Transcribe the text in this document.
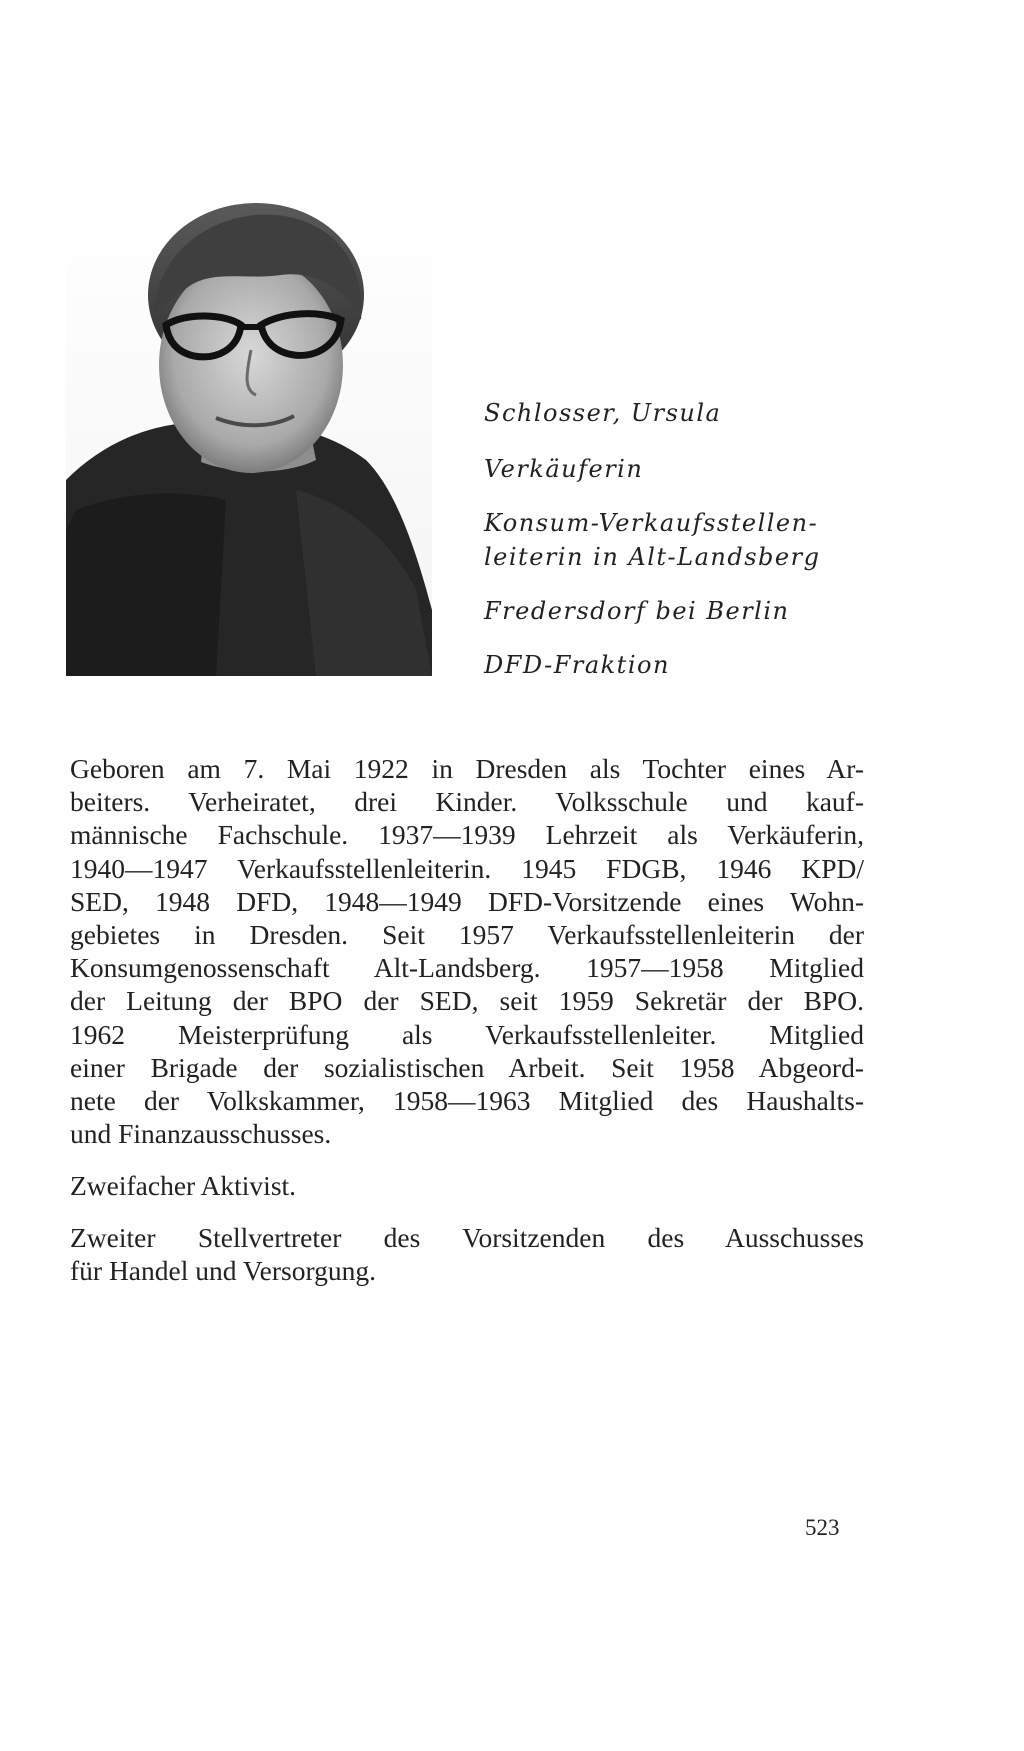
Schlosser, Ursula
Verkäuferin
Konsum-Verkaufsstellen-
leiterin in Alt-Landsberg
Fredersdorf bei Berlin
DFD-Fraktion
Geboren am 7. Mai 1922 in Dresden als Tochter eines Ar-
beiters. Verheiratet, drei Kinder. Volksschule und kauf-
männische Fachschule. 1937—1939 Lehrzeit als Verkäuferin,
1940—1947 Verkaufsstellenleiterin. 1945 FDGB, 1946 KPD/
SED, 1948 DFD, 1948—1949 DFD-Vorsitzende eines Wohn-
gebietes in Dresden. Seit 1957 Verkaufsstellenleiterin der
Konsumgenossenschaft Alt-Landsberg. 1957—1958 Mitglied
der Leitung der BPO der SED, seit 1959 Sekretär der BPO.
1962 Meisterprüfung als Verkaufsstellenleiter. Mitglied
einer Brigade der sozialistischen Arbeit. Seit 1958 Abgeord-
nete der Volkskammer, 1958—1963 Mitglied des Haushalts-
und Finanzausschusses.
Zweifacher Aktivist.
Zweiter Stellvertreter des Vorsitzenden des Ausschusses
für Handel und Versorgung.
523
